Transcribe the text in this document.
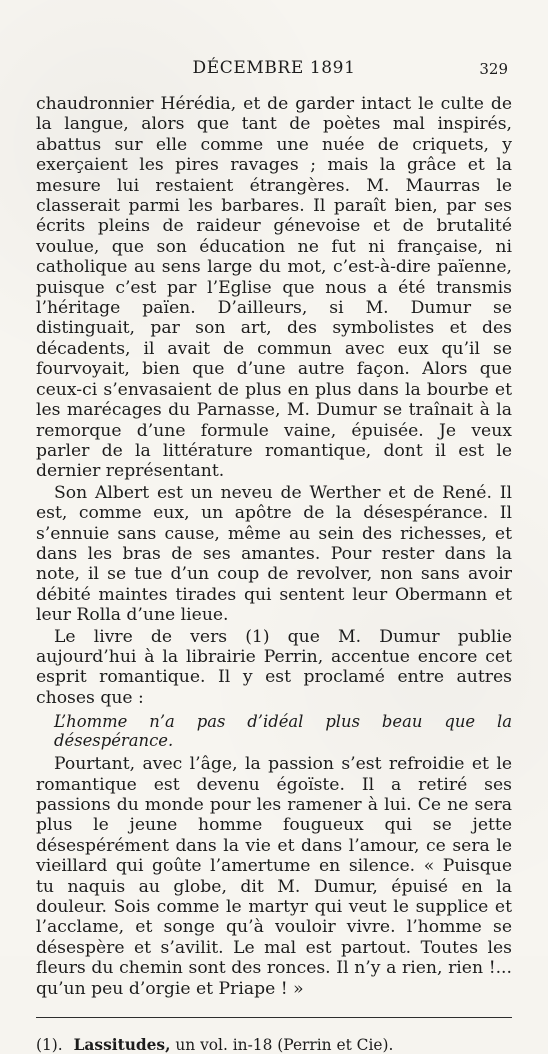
DÉCEMBRE 1891	329

chaudronnier Hérédia, et de garder intact le culte de la langue, alors que tant de poètes mal inspirés, abattus sur elle comme une nuée de criquets, y exerçaient les pires ravages ; mais la grâce et la mesure lui restaient étrangères. M. Maurras le classerait parmi les barbares. Il paraît bien, par ses écrits pleins de raideur génevoise et de brutalité voulue, que son éducation ne fut ni française, ni catholique au sens large du mot, c’est-à-dire païenne, puisque c’est par l’Eglise que nous a été transmis l’héritage païen. D’ailleurs, si M. Dumur se distinguait, par son art, des symbolistes et des décadents, il avait de commun avec eux qu’il se fourvoyait, bien que d’une autre façon. Alors que ceux-ci s’envasaient de plus en plus dans la bourbe et les marécages du Parnasse, M. Dumur se traînait à la remorque d’une formule vaine, épuisée. Je veux parler de la littérature romantique, dont il est le dernier représentant.

Son Albert est un neveu de Werther et de René. Il est, comme eux, un apôtre de la désespérance. Il s’ennuie sans cause, même au sein des richesses, et dans les bras de ses amantes. Pour rester dans la note, il se tue d’un coup de revolver, non sans avoir débité maintes tirades qui sentent leur Obermann et leur Rolla d’une lieue.

Le livre de vers (1) que M. Dumur publie aujourd’hui à la librairie Perrin, accentue encore cet esprit romantique. Il y est proclamé entre autres choses que :

L’homme n’a pas d’idéal plus beau que la désespérance.

Pourtant, avec l’âge, la passion s’est refroidie et le romantique est devenu égoïste. Il a retiré ses passions du monde pour les ramener à lui. Ce ne sera plus le jeune homme fougueux qui se jette désespérément dans la vie et dans l’amour, ce sera le vieillard qui goûte l’amertume en silence. « Puisque tu naquis au globe, dit M. Dumur, épuisé en la douleur. Sois comme le martyr qui veut le supplice et l’acclame, et songe qu’à vouloir vivre. l’homme se désespère et s’avilit. Le mal est partout. Toutes les fleurs du chemin sont des ronces. Il n’y a rien, rien !... qu’un peu d’orgie et Priape ! »

(1). Lassitudes, un vol. in-18 (Perrin et Cie).
